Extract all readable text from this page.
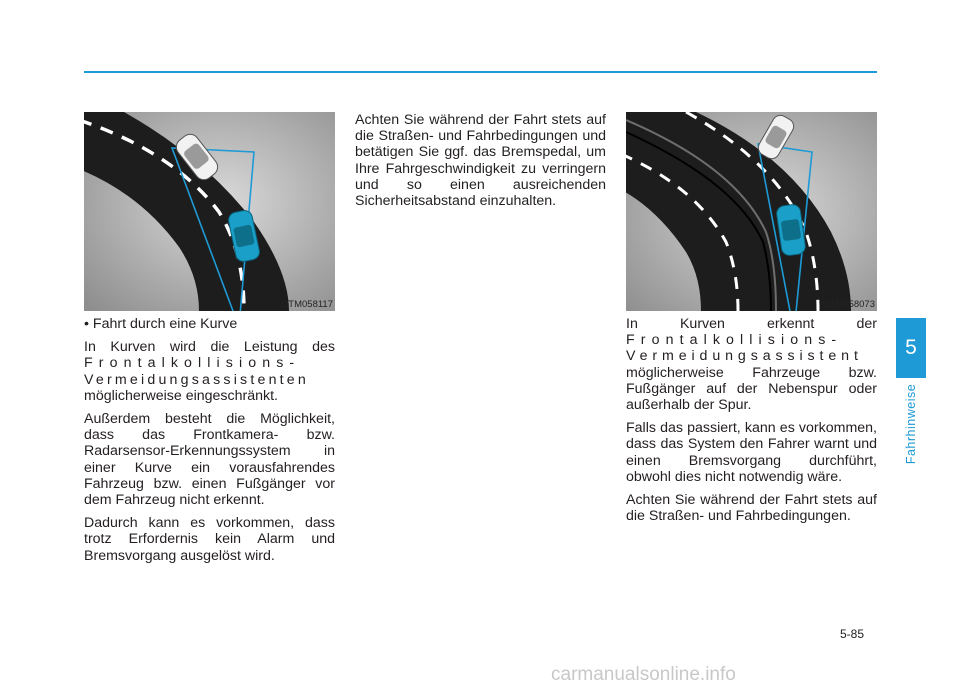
OTM058117	OTM058073

• Fahrt durch eine Kurve

In Kurven wird die Leistung des
Frontalkollisions-
Vermeidungsassistenten
möglicherweise eingeschränkt.

Außerdem besteht die Möglichkeit, dass das Frontkamera- bzw. Radarsensor-Erkennungssystem in einer Kurve ein vorausfahrendes Fahrzeug bzw. einen Fußgänger vor dem Fahrzeug nicht erkennt.

Dadurch kann es vorkommen, dass trotz Erfordernis kein Alarm und Bremsvorgang ausgelöst wird.

Achten Sie während der Fahrt stets auf die Straßen- und Fahrbedingungen und betätigen Sie ggf. das Bremspedal, um Ihre Fahrgeschwindigkeit zu verringern und so einen ausreichenden Sicherheitsabstand einzuhalten.

In Kurven erkennt der
Frontalkollisions-
Vermeidungsassistent
möglicherweise Fahrzeuge bzw. Fußgänger auf der Nebenspur oder außerhalb der Spur.

Falls das passiert, kann es vorkommen, dass das System den Fahrer warnt und einen Bremsvorgang durchführt, obwohl dies nicht notwendig wäre.

Achten Sie während der Fahrt stets auf die Straßen- und Fahrbedingungen.

5
Fahrhinweise
5-85
carmanualsonline.info
